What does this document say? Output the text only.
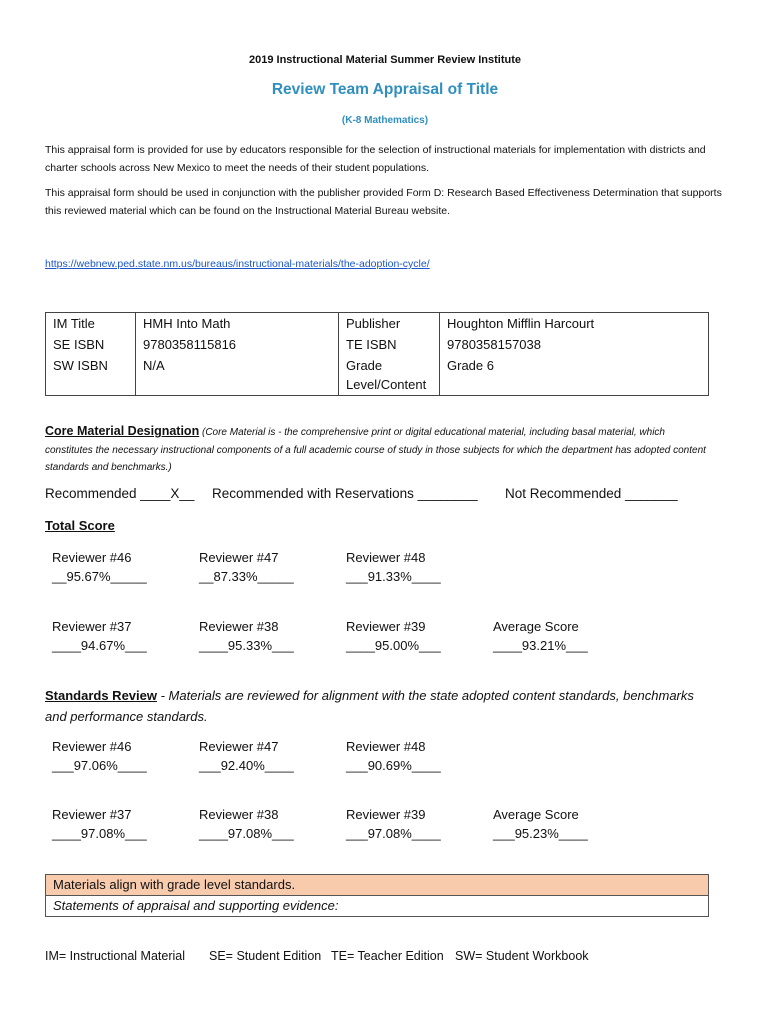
2019 Instructional Material Summer Review Institute
Review Team Appraisal of Title
(K-8 Mathematics)
This appraisal form is provided for use by educators responsible for the selection of instructional materials for implementation with districts and charter schools across New Mexico to meet the needs of their student populations.
This appraisal form should be used in conjunction with the publisher provided Form D: Research Based Effectiveness Determination that supports this reviewed material which can be found on the Instructional Material Bureau website.
https://webnew.ped.state.nm.us/bureaus/instructional-materials/the-adoption-cycle/
IM Title	HMH Into Math	Publisher	Houghton Mifflin Harcourt
SE ISBN	9780358115816	TE ISBN	9780358157038
SW ISBN	N/A	Grade Level/Content	Grade 6
Core Material Designation (Core Material is - the comprehensive print or digital educational material, including basal material, which constitutes the necessary instructional components of a full academic course of study in those subjects for which the department has adopted content standards and benchmarks.)
Recommended ____X__ Recommended with Reservations ________ Not Recommended _______
Total Score
Reviewer #46
__95.67%_____
Reviewer #47
__87.33%_____
Reviewer #48
___91.33%____
Reviewer #37
____94.67%___
Reviewer #38
____95.33%___
Reviewer #39
____95.00%___
Average Score
____93.21%___
Standards Review - Materials are reviewed for alignment with the state adopted content standards, benchmarks and performance standards.
Reviewer #46
___97.06%____
Reviewer #47
___92.40%____
Reviewer #48
___90.69%____
Reviewer #37
____97.08%___
Reviewer #38
____97.08%___
Reviewer #39
___97.08%____
Average Score
___95.23%____
Materials align with grade level standards.
Statements of appraisal and supporting evidence:
IM= Instructional Material SE= Student Edition TE= Teacher Edition SW= Student Workbook
